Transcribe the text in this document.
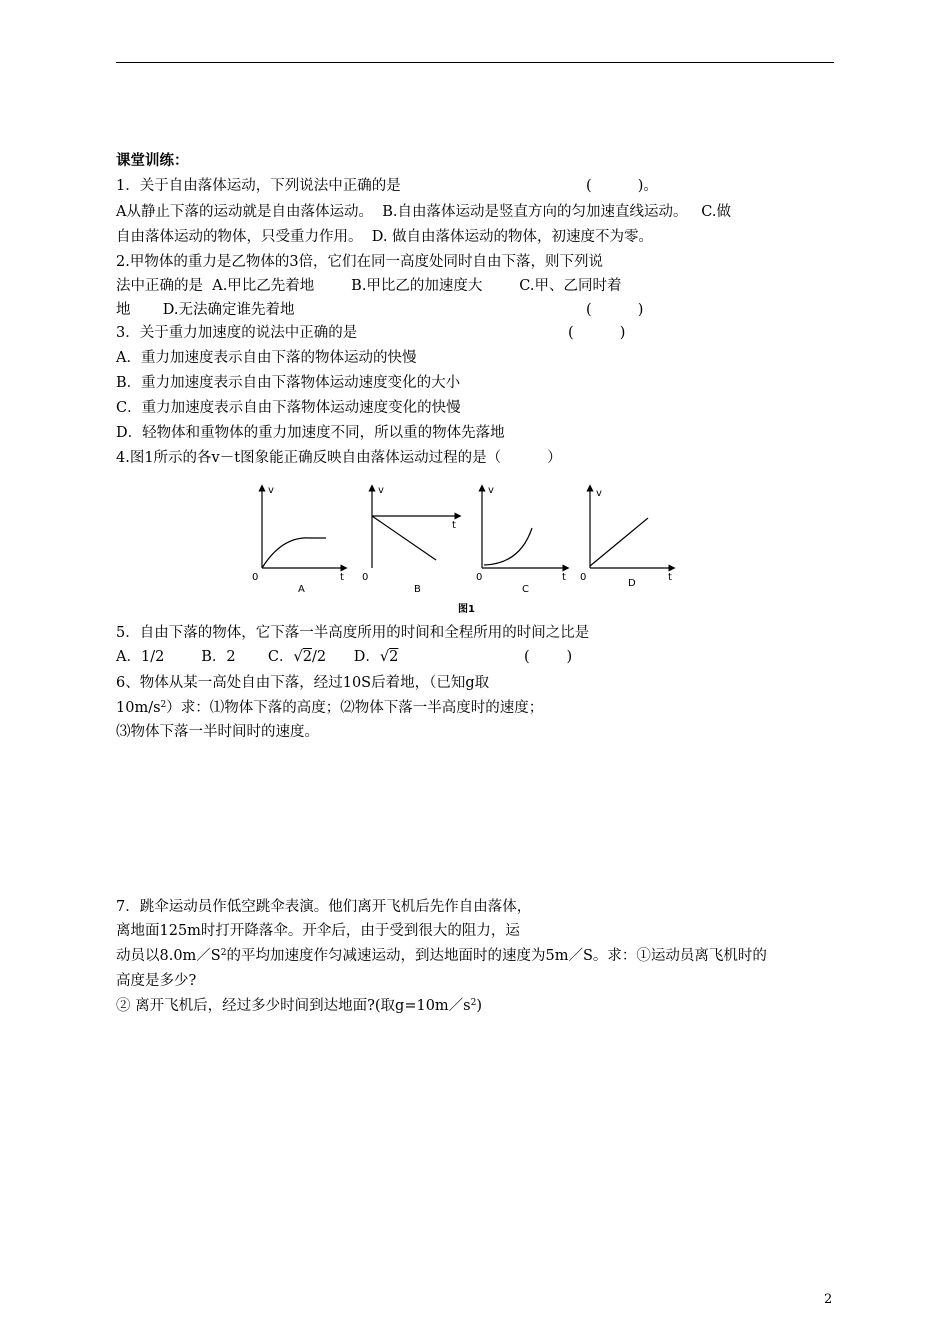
课堂训练：
1．关于自由落体运动，下列说法中正确的是	(          )。
A从静止下落的运动就是自由落体运动。  B.自由落体运动是竖直方向的匀加速直线运动。   C.做
自由落体运动的物体，只受重力作用。  D. 做自由落体运动的物体，初速度不为零。
2.甲物体的重力是乙物体的3倍，它们在同一高度处同时自由下落，则下列说
法中正确的是  A.甲比乙先着地        B.甲比乙的加速度大        C.甲、乙同时着
地       D.无法确定谁先着地	(          )
3．关于重力加速度的说法中正确的是	(          )
A．重力加速度表示自由下落的物体运动的快慢
B．重力加速度表示自由下落物体运动速度变化的大小
C．重力加速度表示自由下落物体运动速度变化的快慢
D．轻物体和重物体的重力加速度不同，所以重的物体先落地
4.图1所示的各v－t图象能正确反映自由落体运动过程的是（          ）
v
t
0
A
v
t
0
B
v
t
0
C
v
t
0
D
图1
5．自由下落的物体，它下落一半高度所用的时间和全程所用的时间之比是
A．1/2	B．2 C．√2/2 D．√2	(        )
6、物体从某一高处自由下落，经过10S后着地，（已知g取
$10m/s^2$）求：⑴物体下落的高度；⑵物体下落一半高度时的速度；
⑶物体下落一半时间时的速度。
7．跳伞运动员作低空跳伞表演。他们离开飞机后先作自由落体，
离地面125m时打开降落伞。开伞后，由于受到很大的阻力，运
动员以$8.0m/S^2$的平均加速度作匀减速运动，到达地面时的速度为5m／S。求：①运动员离飞机时的
高度是多少?
② 离开飞机后，经过多少时间到达地面?(取$g=10m/s^2$)
2
